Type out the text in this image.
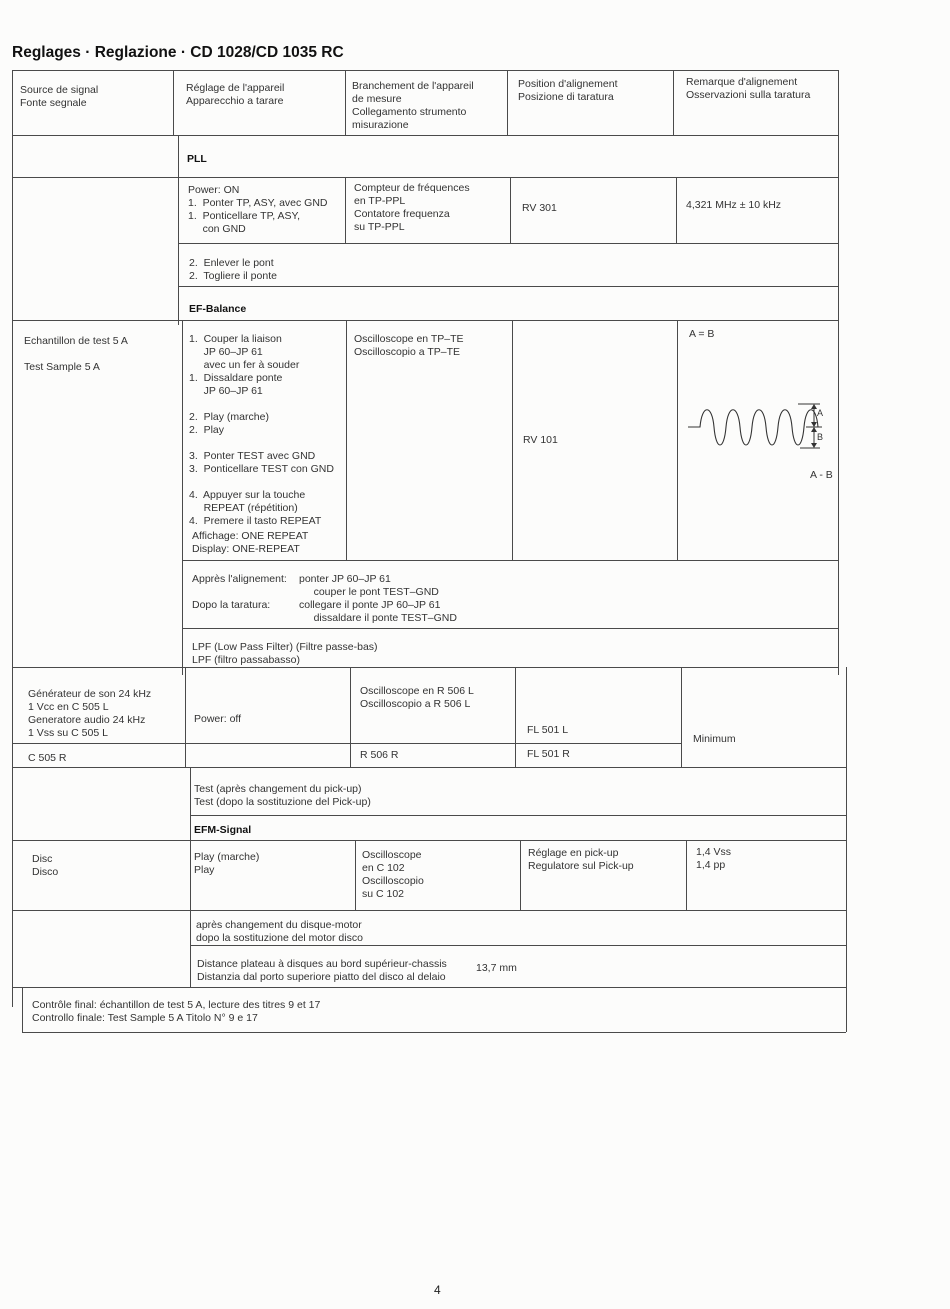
Reglages · Reglazione · CD 1028/CD 1035 RC
Source de signal
Fonte segnale
Réglage de l'appareil
Apparecchio a tarare
Branchement de l'appareil
de mesure
Collegamento strumento
misurazione
Position d'alignement
Posizione di taratura
Remarque d'alignement
Osservazioni sulla taratura
PLL
Power: ON
1.  Ponter TP, ASY, avec GND
1.  Ponticellare TP, ASY,
con GND
Compteur de fréquences
en TP-PPL
Contatore frequenza
su TP-PPL
RV 301	4,321 MHz ± 10 kHz
2.  Enlever le pont
2.  Togliere il ponte
EF-Balance
Echantillon de test 5 A

Test Sample 5 A
1.  Couper la liaison
JP 60–JP 61
avec un fer à souder
1.  Dissaldare ponte
JP 60–JP 61

2.  Play (marche)
2.  Play

3.  Ponter TEST avec GND
3.  Ponticellare TEST con GND

4.  Appuyer sur la touche
REPEAT (répétition)
4.  Premere il tasto REPEAT
Affichage: ONE REPEAT
Display: ONE-REPEAT
Oscilloscope en TP–TE
Oscilloscopio a TP–TE
RV 101
A = B
A
B
A - B
Apprès l'alignement:

Dopo la taratura:
ponter JP 60–JP 61
couper le pont TEST–GND
collegare il ponte JP 60–JP 61
dissaldare il ponte TEST–GND
LPF (Low Pass Filter) (Filtre passe-bas)
LPF (filtro passabasso)
Générateur de son 24 kHz
1 Vcc en C 505 L
Generatore audio 24 kHz
1 Vss su C 505 L
C 505 R
Power: off
Oscilloscope en R 506 L
Oscilloscopio a R 506 L
R 506 R
FL 501 L
FL 501 R
Minimum
Test (après changement du pick-up)
Test (dopo la sostituzione del Pick-up)
EFM-Signal
Disc
Disco
Play (marche)
Play
Oscilloscope
en C 102
Oscilloscopio
su C 102
Réglage en pick-up
Regulatore sul Pick-up
1,4 Vss
1,4 pp
après changement du disque-motor
dopo la sostituzione del motor disco
Distance plateau à disques au bord supérieur-chassis
Distanzia dal porto superiore piatto del disco al delaio
13,7 mm
Contrôle final: échantillon de test 5 A, lecture des titres 9 et 17
Controllo finale: Test Sample 5 A Titolo N° 9 e 17
4
